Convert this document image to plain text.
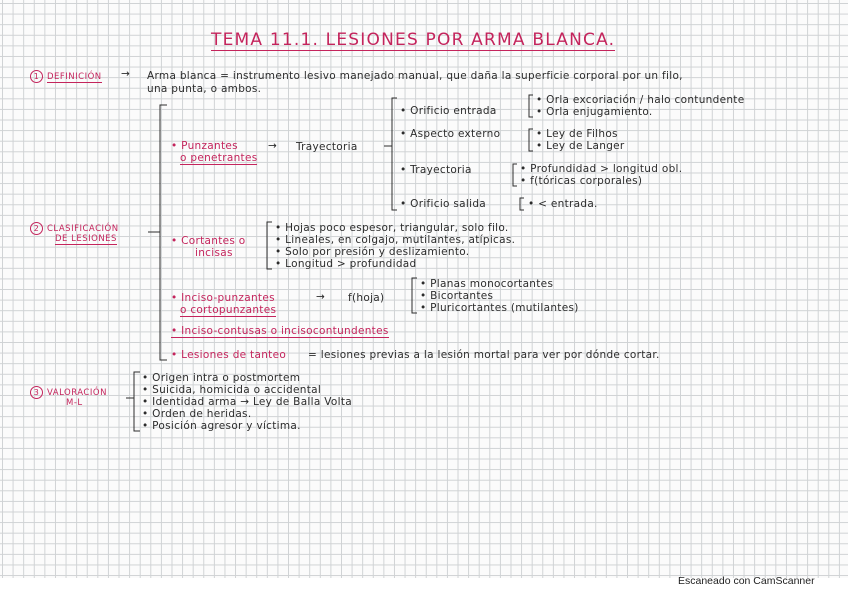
TEMA 11.1. LESIONES POR ARMA BLANCA.
1 DEFINICIÓN → Arma blanca = instrumento lesivo manejado manual, que daña la superficie corporal por un filo,
una punta, o ambos.
2 CLASIFICACIÓN
DE LESIONES
• Punzantes
o penetrantes
→ Trayectoria
• Orificio entrada
• Orla excoriación / halo contundente
• Orla enjugamiento.
• Aspecto externo	• Ley de Filhos
• Ley de Langer
• Trayectoria	• Profundidad > longitud obl.
• f(tóricas corporales)
• Orificio salida	• < entrada.
• Cortantes o
incisas
• Hojas poco espesor, triangular, solo filo.
• Lineales, en colgajo, mutilantes, atípicas.
• Solo por presión y deslizamiento.
• Longitud > profundidad
• Inciso-punzantes
o cortopunzantes
→ f(hoja)
• Planas monocortantes
• Bicortantes
• Pluricortantes (mutilantes)
• Inciso-contusas o incisocontundentes
• Lesiones de tanteo = lesiones previas a la lesión mortal para ver por dónde cortar.
3 VALORACIÓN
M-L
• Origen intra o postmortem
• Suicida, homicida o accidental
• Identidad arma → Ley de Balla Volta
• Orden de heridas.
• Posición agresor y víctima.
Escaneado con CamScanner
